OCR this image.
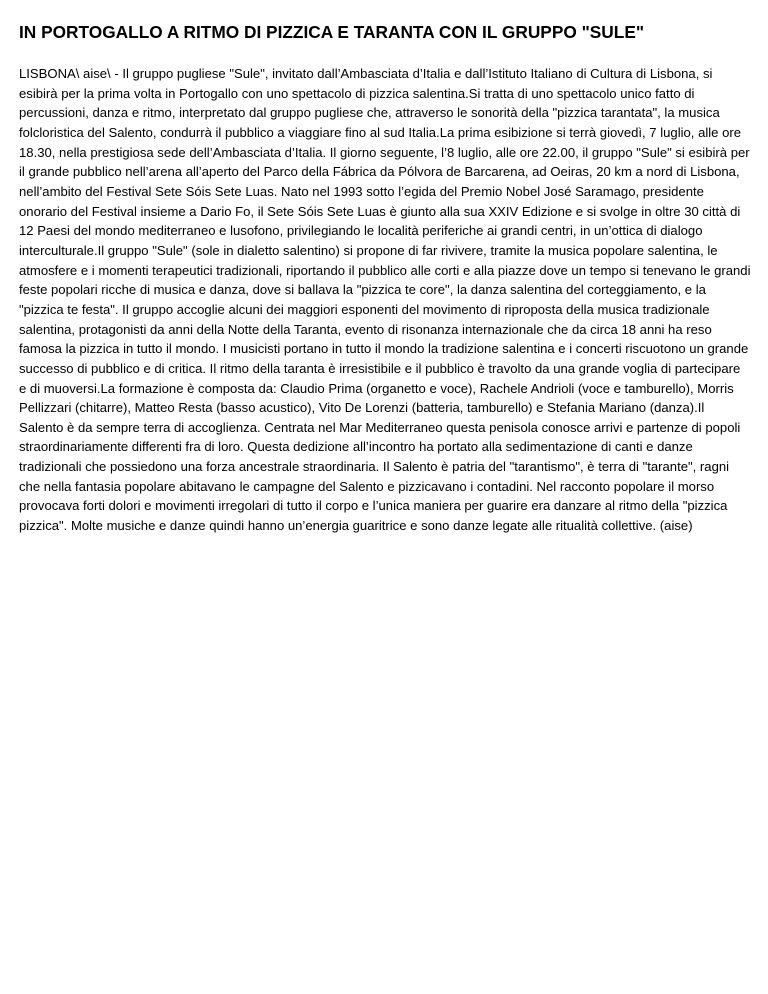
IN PORTOGALLO A RITMO DI PIZZICA E TARANTA CON IL GRUPPO "SULE"

LISBONA\ aise\ - Il gruppo pugliese "Sule", invitato dall’Ambasciata d’Italia e dall’Istituto Italiano di Cultura di Lisbona, si esibirà per la prima volta in Portogallo con uno spettacolo di pizzica salentina.Si tratta di uno spettacolo unico fatto di percussioni, danza e ritmo, interpretato dal gruppo pugliese che, attraverso le sonorità della "pizzica tarantata", la musica folcloristica del Salento, condurrà il pubblico a viaggiare fino al sud Italia.La prima esibizione si terrà giovedì, 7 luglio, alle ore 18.30, nella prestigiosa sede dell’Ambasciata d’Italia. Il giorno seguente, l’8 luglio, alle ore 22.00, il gruppo "Sule" si esibirà per il grande pubblico nell’arena all’aperto del Parco della Fábrica da Pólvora de Barcarena, ad Oeiras, 20 km a nord di Lisbona, nell’ambito del Festival Sete Sóis Sete Luas. Nato nel 1993 sotto l’egida del Premio Nobel José Saramago, presidente onorario del Festival insieme a Dario Fo, il Sete Sóis Sete Luas è giunto alla sua XXIV Edizione e si svolge in oltre 30 città di 12 Paesi del mondo mediterraneo e lusofono, privilegiando le località periferiche ai grandi centri, in un’ottica di dialogo interculturale.Il gruppo "Sule" (sole in dialetto salentino) si propone di far rivivere, tramite la musica popolare salentina, le atmosfere e i momenti terapeutici tradizionali, riportando il pubblico alle corti e alla piazze dove un tempo si tenevano le grandi feste popolari ricche di musica e danza, dove si ballava la "pizzica te core", la danza salentina del corteggiamento, e la "pizzica te festa". Il gruppo accoglie alcuni dei maggiori esponenti del movimento di riproposta della musica tradizionale salentina, protagonisti da anni della Notte della Taranta, evento di risonanza internazionale che da circa 18 anni ha reso famosa la pizzica in tutto il mondo. I musicisti portano in tutto il mondo la tradizione salentina e i concerti riscuotono un grande successo di pubblico e di critica. Il ritmo della taranta è irresistibile e il pubblico è travolto da una grande voglia di partecipare e di muoversi.La formazione è composta da: Claudio Prima (organetto e voce), Rachele Andrioli (voce e tamburello), Morris Pellizzari (chitarre), Matteo Resta (basso acustico), Vito De Lorenzi (batteria, tamburello) e Stefania Mariano (danza).Il Salento è da sempre terra di accoglienza. Centrata nel Mar Mediterraneo questa penisola conosce arrivi e partenze di popoli straordinariamente differenti fra di loro. Questa dedizione all’incontro ha portato alla sedimentazione di canti e danze tradizionali che possiedono una forza ancestrale straordinaria. Il Salento è patria del "tarantismo", è terra di "tarante", ragni che nella fantasia popolare abitavano le campagne del Salento e pizzicavano i contadini. Nel racconto popolare il morso provocava forti dolori e movimenti irregolari di tutto il corpo e l’unica maniera per guarire era danzare al ritmo della "pizzica pizzica". Molte musiche e danze quindi hanno un’energia guaritrice e sono danze legate alle ritualità collettive. (aise)
